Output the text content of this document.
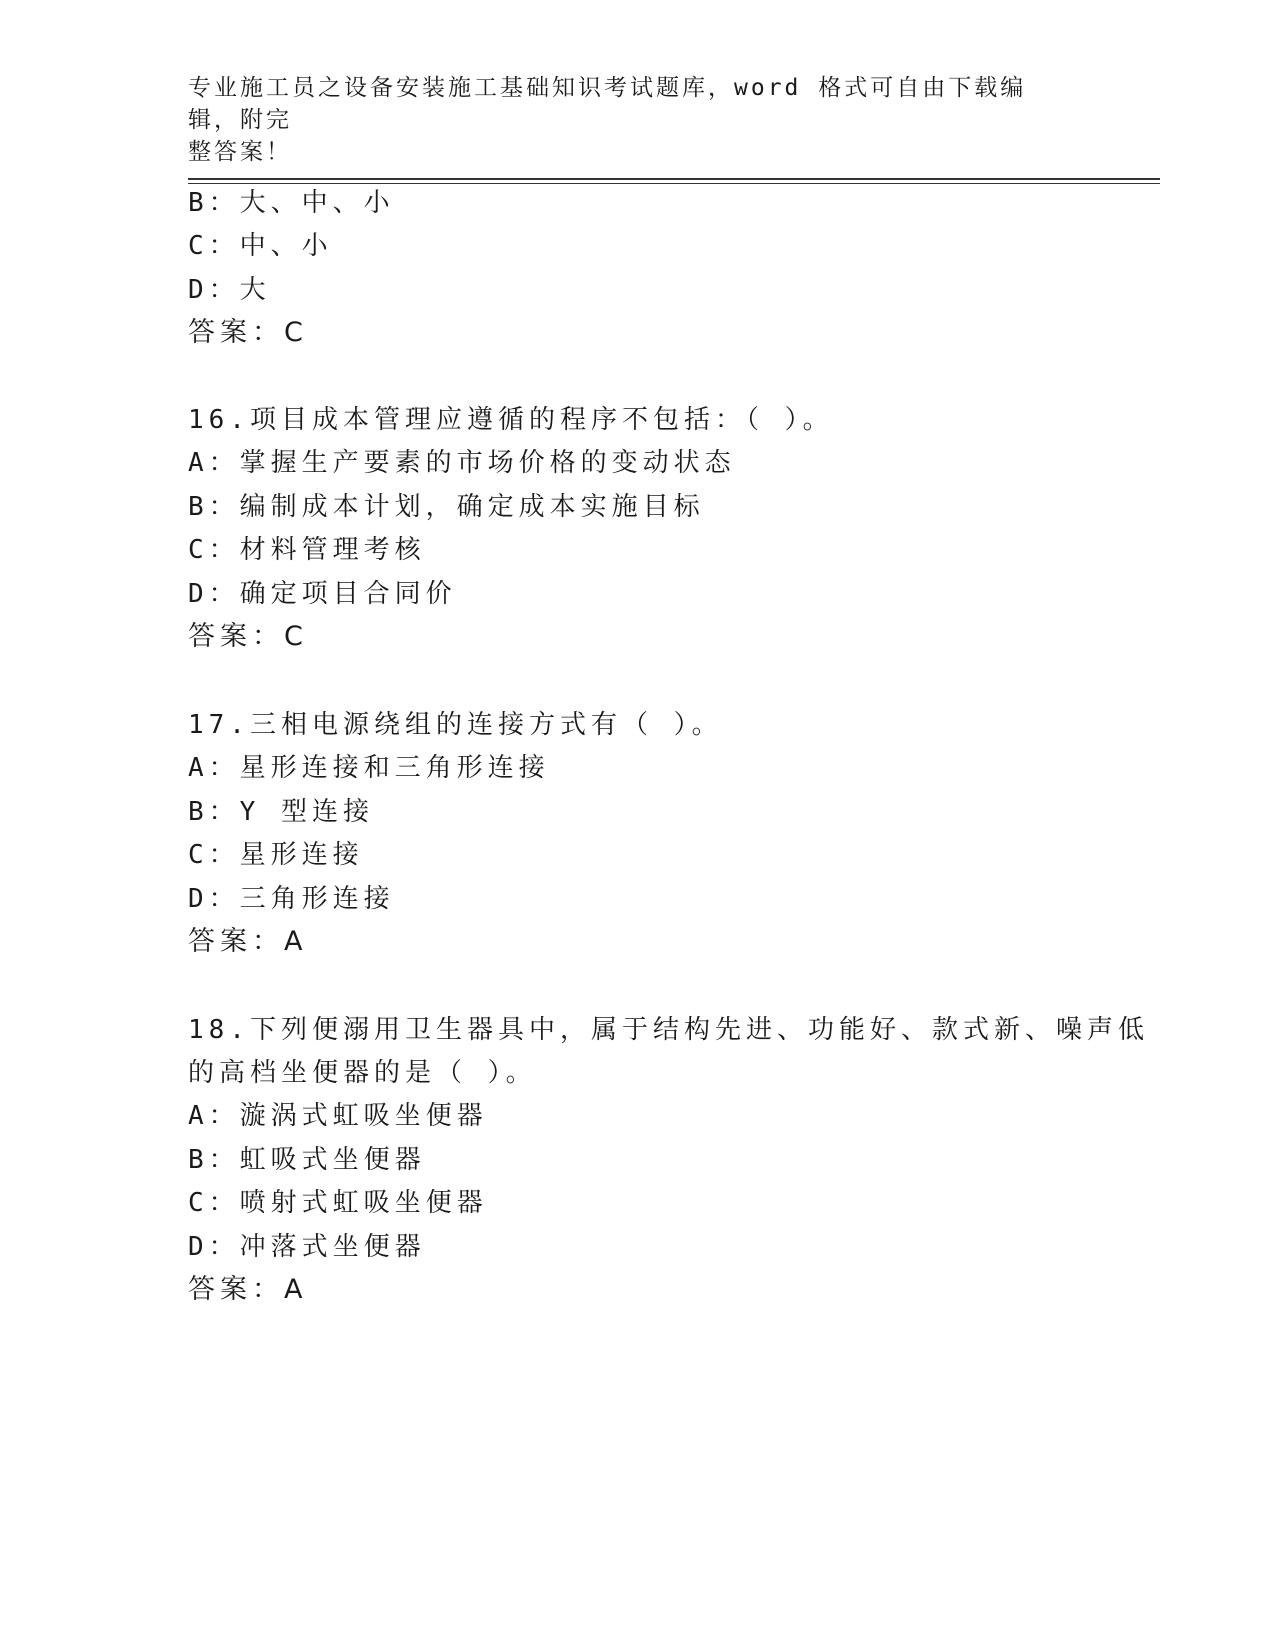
专业施工员之设备安装施工基础知识考试题库，word 格式可自由下载编辑，附完
整答案！
B：大、中、小
C：中、小
D：大
答案：C
16.项目成本管理应遵循的程序不包括：（ ）。
A：掌握生产要素的市场价格的变动状态
B：编制成本计划，确定成本实施目标
C：材料管理考核
D：确定项目合同价
答案：C
17.三相电源绕组的连接方式有（ ）。
A：星形连接和三角形连接
B：Y 型连接
C：星形连接
D：三角形连接
答案：A
18.下列便溺用卫生器具中，属于结构先进、功能好、款式新、噪声低
的高档坐便器的是（ ）。
A：漩涡式虹吸坐便器
B：虹吸式坐便器
C：喷射式虹吸坐便器
D：冲落式坐便器
答案：A
